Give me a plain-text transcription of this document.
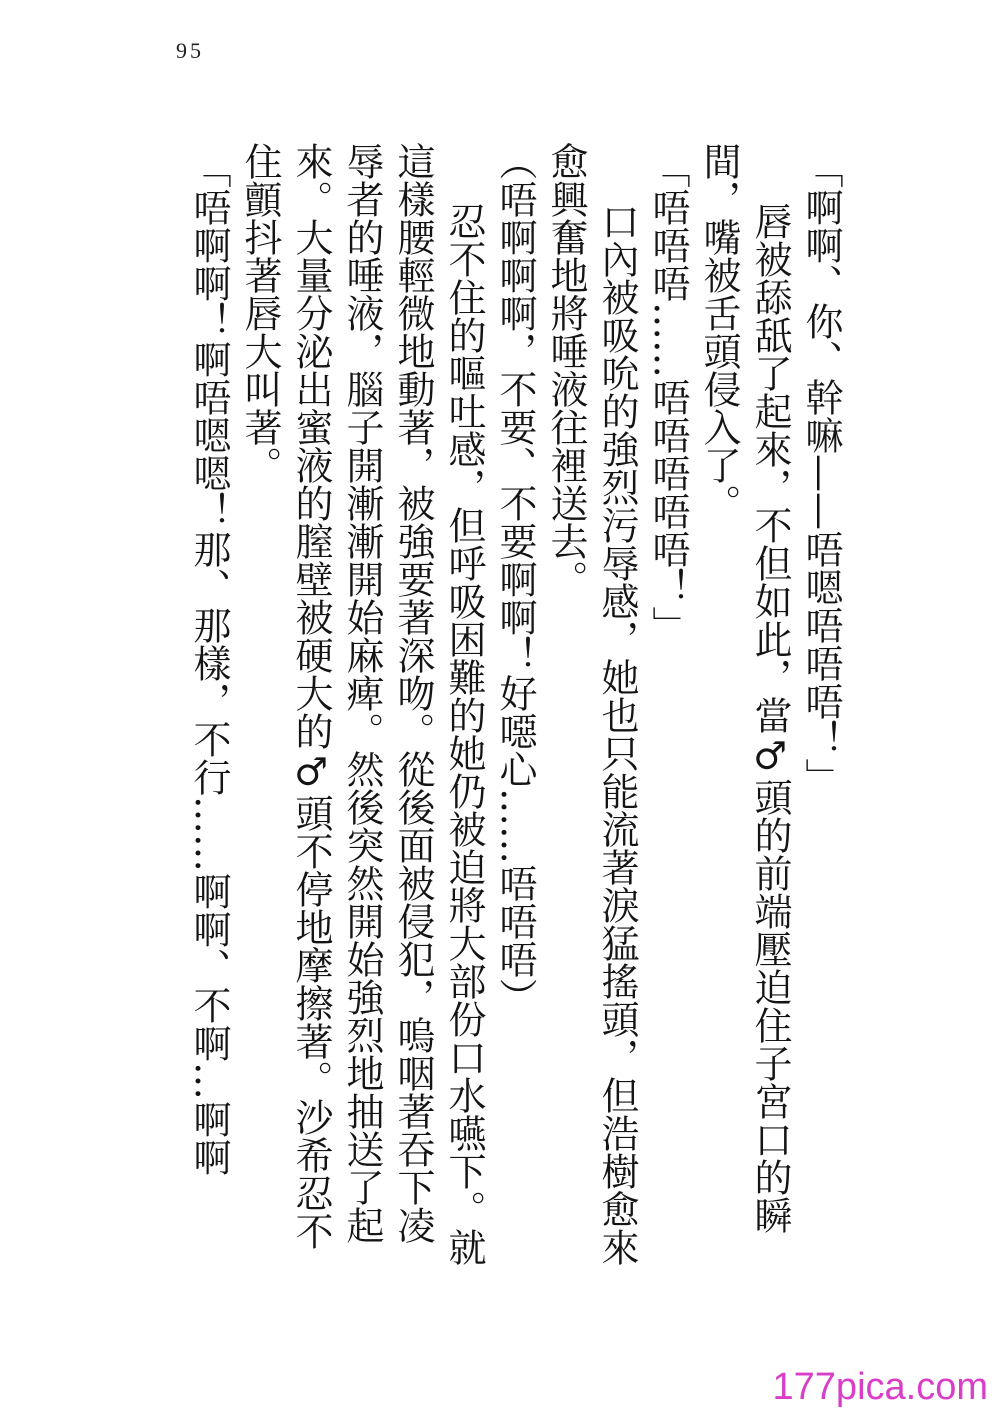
95
「啊啊、你、幹嘛——唔嗯唔唔唔！」
唇被舔舐了起來，不但如此，當♂頭的前端壓迫住子宮口的瞬
間，嘴被舌頭侵入了。
「唔唔唔……唔唔唔唔唔！」
口內被吸吮的強烈污辱感，她也只能流著淚猛搖頭，但浩樹愈來
愈興奮地將唾液往裡送去。
（唔啊啊啊，不要、不要啊啊！好噁心……唔唔唔）
忍不住的嘔吐感，但呼吸困難的她仍被迫將大部份口水嚥下。就
這樣腰輕微地動著，被強要著深吻。從後面被侵犯，嗚咽著吞下凌
辱者的唾液，腦子開漸漸開始麻痺。然後突然開始強烈地抽送了起
來。大量分泌出蜜液的膣壁被硬大的♂頭不停地摩擦著。沙希忍不
住顫抖著唇大叫著。
「唔啊啊！啊唔嗯嗯！那、那樣，不行……啊啊、不啊…啊啊
177pica.com
